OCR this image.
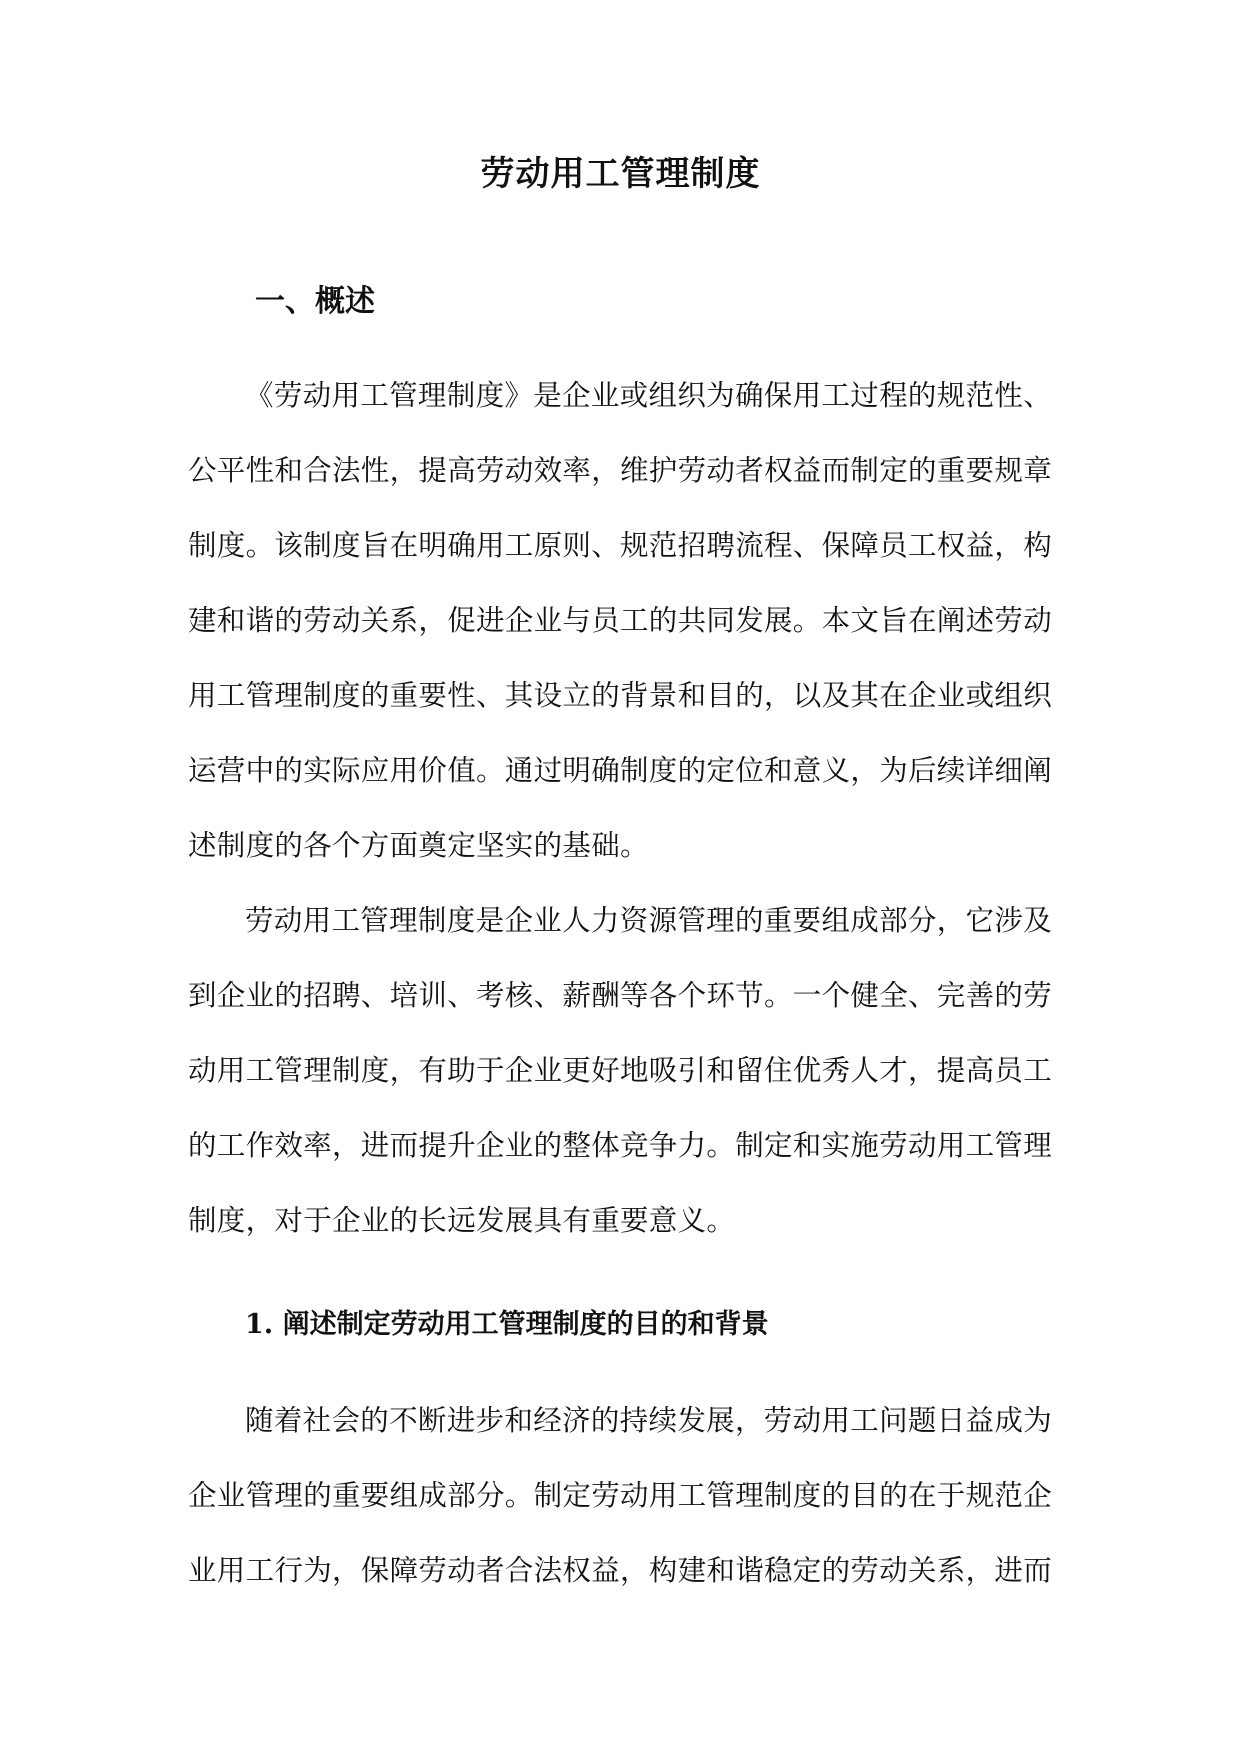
劳动用工管理制度
一、概述

《劳动用工管理制度》是企业或组织为确保用工过程的规范性、公平性和合法性，提高劳动效率，维护劳动者权益而制定的重要规章制度。该制度旨在明确用工原则、规范招聘流程、保障员工权益，构建和谐的劳动关系，促进企业与员工的共同发展。本文旨在阐述劳动用工管理制度的重要性、其设立的背景和目的，以及其在企业或组织运营中的实际应用价值。通过明确制度的定位和意义，为后续详细阐述制度的各个方面奠定坚实的基础。

劳动用工管理制度是企业人力资源管理的重要组成部分，它涉及到企业的招聘、培训、考核、薪酬等各个环节。一个健全、完善的劳动用工管理制度，有助于企业更好地吸引和留住优秀人才，提高员工的工作效率，进而提升企业的整体竞争力。制定和实施劳动用工管理制度，对于企业的长远发展具有重要意义。

1. 阐述制定劳动用工管理制度的目的和背景

随着社会的不断进步和经济的持续发展，劳动用工问题日益成为企业管理的重要组成部分。制定劳动用工管理制度的目的在于规范企业用工行为，保障劳动者合法权益，构建和谐稳定的劳动关系，进而
